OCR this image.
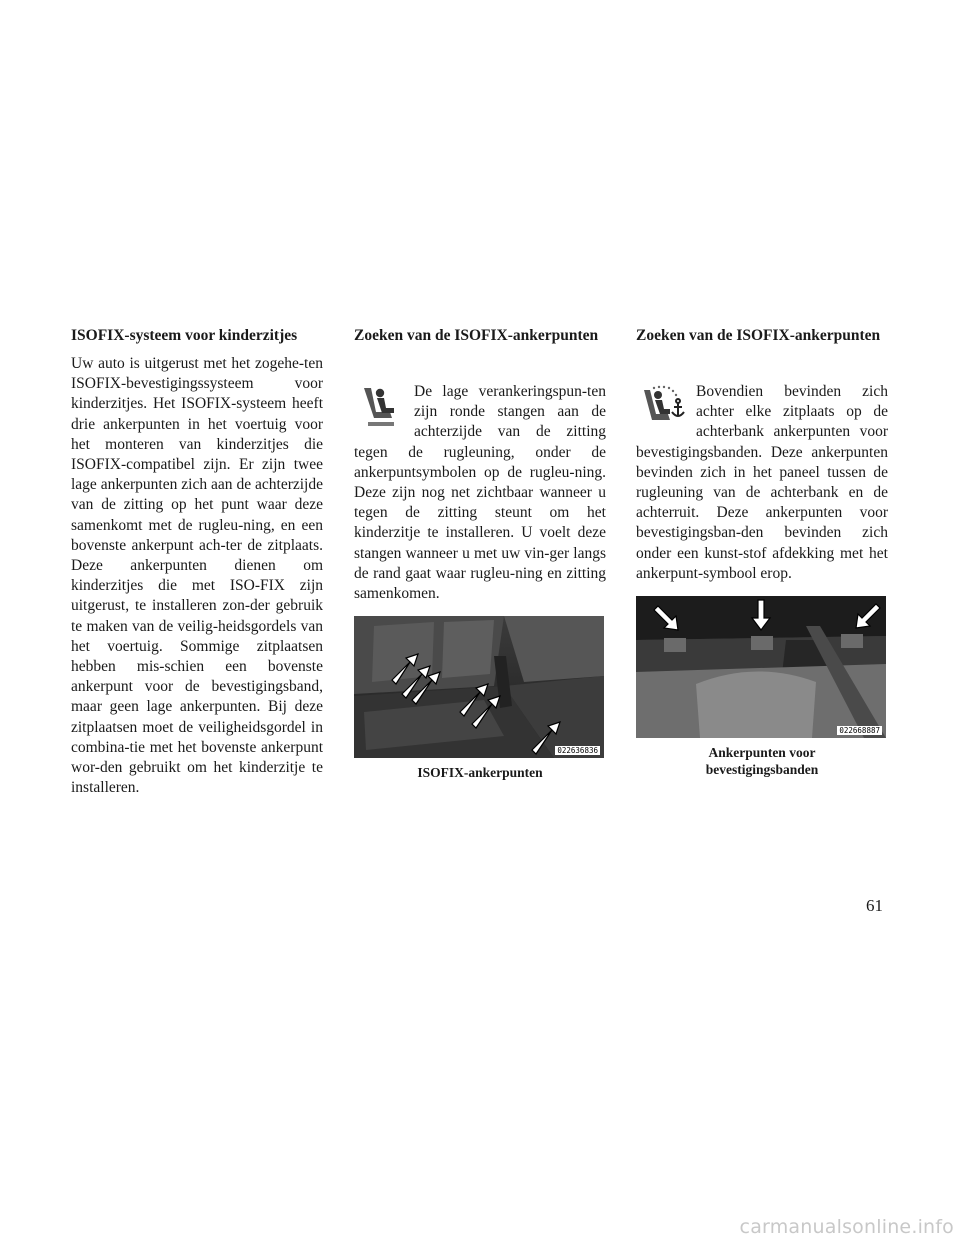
ISOFIX-systeem voor kinderzitjes

Uw auto is uitgerust met het zogehe-ten ISOFIX-bevestigingssysteem voor kinderzitjes. Het ISOFIX-systeem heeft drie ankerpunten in het voertuig voor het monteren van kinderzitjes die ISOFIX-compatibel zijn. Er zijn twee lage ankerpunten zich aan de achterzijde van de zitting op het punt waar deze samenkomt met de rugleu-ning, en een bovenste ankerpunt ach-ter de zitplaats. Deze ankerpunten dienen om kinderzitjes die met ISO-FIX zijn uitgerust, te installeren zon-der gebruik te maken van de veilig-heidsgordels van het voertuig. Sommige zitplaatsen hebben mis-schien een bovenste ankerpunt voor de bevestigingsband, maar geen lage ankerpunten. Bij deze zitplaatsen moet de veiligheidsgordel in combina-tie met het bovenste ankerpunt wor-den gebruikt om het kinderzitje te installeren.

Zoeken van de ISOFIX-ankerpunten

De lage verankeringspun-ten zijn ronde stangen aan de achterzijde van de zitting tegen de rugleuning, onder de ankerpuntsymbolen op de rugleu-ning. Deze zijn nog net zichtbaar wanneer u tegen de zitting steunt om het kinderzitje te installeren. U voelt deze stangen wanneer u met uw vin-ger langs de rand gaat waar rugleu-ning en zitting samenkomen.

022636836
ISOFIX-ankerpunten
Zoeken van de ISOFIX-ankerpunten

Bovendien bevinden zich achter elke zitplaats op de achterbank ankerpunten voor bevestigingsbanden. Deze ankerpunten bevinden zich in het paneel tussen de rugleuning van de achterbank en de achterruit. Deze ankerpunten voor bevestigingsban-den bevinden zich onder een kunst-stof afdekking met het ankerpunt-symbool erop.

022668887
Ankerpunten voor
bevestigingsbanden
61
carmanualsonline.info
